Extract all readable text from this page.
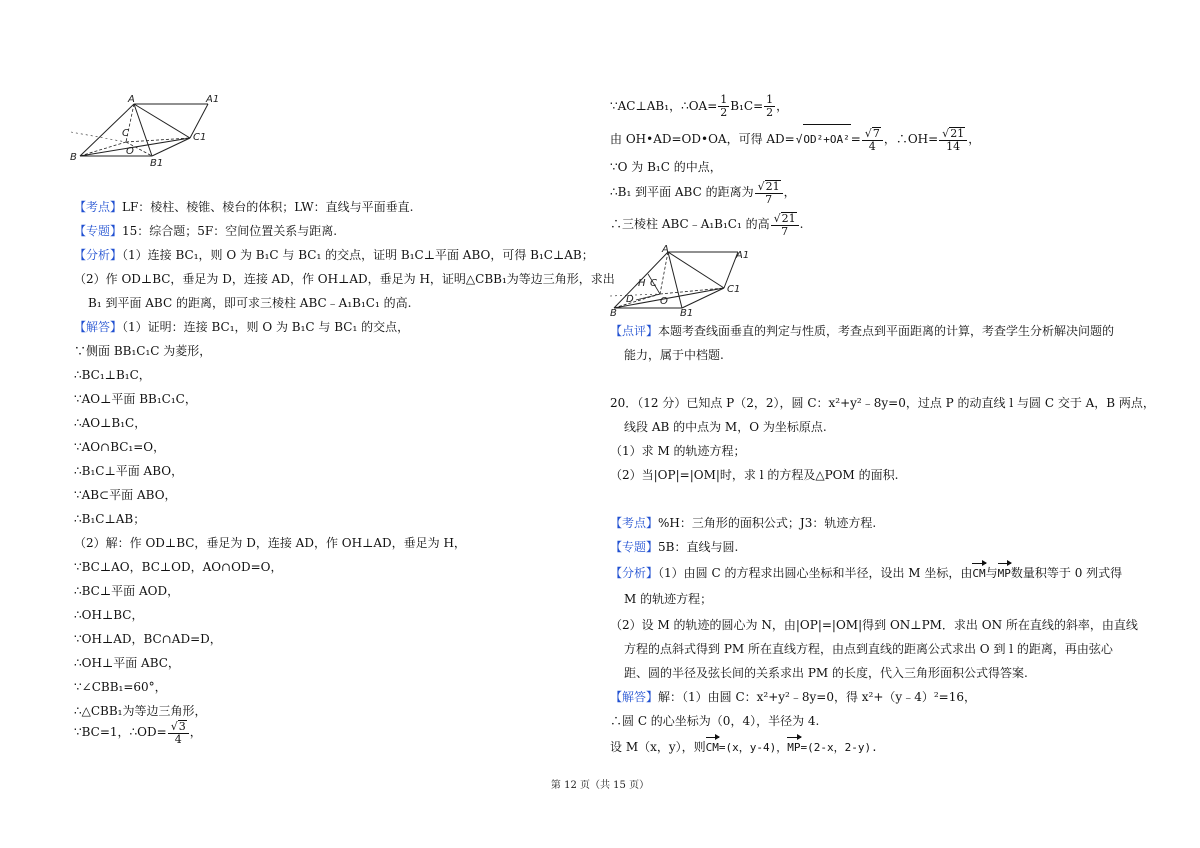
A	A1
C	C1
O
B
B1
【考点】LF：棱柱、棱锥、棱台的体积；LW：直线与平面垂直.
【专题】15：综合题；5F：空间位置关系与距离.
【分析】（1）连接 BC₁，则 O 为 B₁C 与 BC₁ 的交点，证明 B₁C⊥平面 ABO，可得 B₁C⊥AB；
（2）作 OD⊥BC，垂足为 D，连接 AD，作 OH⊥AD，垂足为 H，证明△CBB₁为等边三角形，求出
B₁ 到平面 ABC 的距离，即可求三棱柱 ABC﹣A₁B₁C₁ 的高.
【解答】（1）证明：连接 BC₁，则 O 为 B₁C 与 BC₁ 的交点，
∵侧面 BB₁C₁C 为菱形，
∴BC₁⊥B₁C，
∵AO⊥平面 BB₁C₁C，
∴AO⊥B₁C，
∵AO∩BC₁=O，
∴B₁C⊥平面 ABO，
∵AB⊂平面 ABO，
∴B₁C⊥AB；
（2）解：作 OD⊥BC，垂足为 D，连接 AD，作 OH⊥AD，垂足为 H，
∵BC⊥AO，BC⊥OD，AO∩OD=O，
∴BC⊥平面 AOD，
∴OH⊥BC，
∵OH⊥AD，BC∩AD=D，
∴OH⊥平面 ABC，
∵∠CBB₁=60°，
∴△CBB₁为等边三角形，
∵BC=1，∴OD= √ $\frac{3}{4}$ ，
∵AC⊥AB₁，∴OA= $\frac{1}{2} B_1C= \frac{1}{2}$ ，
由 OH•AD=OD•OA，可得 AD= √ OD²+OA²= √ $\frac{7}{4}$ ，∴OH= √ $\frac{21}{14}$ ，
∵O 为 B₁C 的中点，
∴B₁ 到平面 ABC 的距离为 √ $\frac{21}{7}$ ，
∴三棱柱 ABC﹣A₁B₁C₁ 的高 √ $\frac{21}{7}$ .
A
A1
H C
C1
D	O
B	B1
【点评】本题考查线面垂直的判定与性质，考查点到平面距离的计算，考查学生分析解决问题的
能力，属于中档题.
20．（12 分）已知点 P（2，2），圆 C：x²+y²﹣8y=0，过点 P 的动直线 l 与圆 C 交于 A，B 两点，
线段 AB 的中点为 M，O 为坐标原点.
（1）求 M 的轨迹方程；
（2）当|OP|=|OM|时，求 l 的方程及△POM 的面积.
【考点】%H：三角形的面积公式；J3：轨迹方程.
【专题】5B：直线与圆.
【分析】（1）由圆 C 的方程求出圆心坐标和半径，设出 M 坐标，由CM与MP数量积等于 0 列式得
M 的轨迹方程；
（2）设 M 的轨迹的圆心为 N，由|OP|=|OM|得到 ON⊥PM．求出 ON 所在直线的斜率，由直线
方程的点斜式得到 PM 所在直线方程，由点到直线的距离公式求出 O 到 l 的距离，再由弦心
距、圆的半径及弦长间的关系求出 PM 的长度，代入三角形面积公式得答案.
【解答】解：（1）由圆 C：x²+y²﹣8y=0，得 x²+（y﹣4）²=16，
∴圆 C 的心坐标为（0，4），半径为 4.
设 M（x，y），则CM=(x，y-4)，MP=(2-x，2-y).
第 12 页（共 15 页）
